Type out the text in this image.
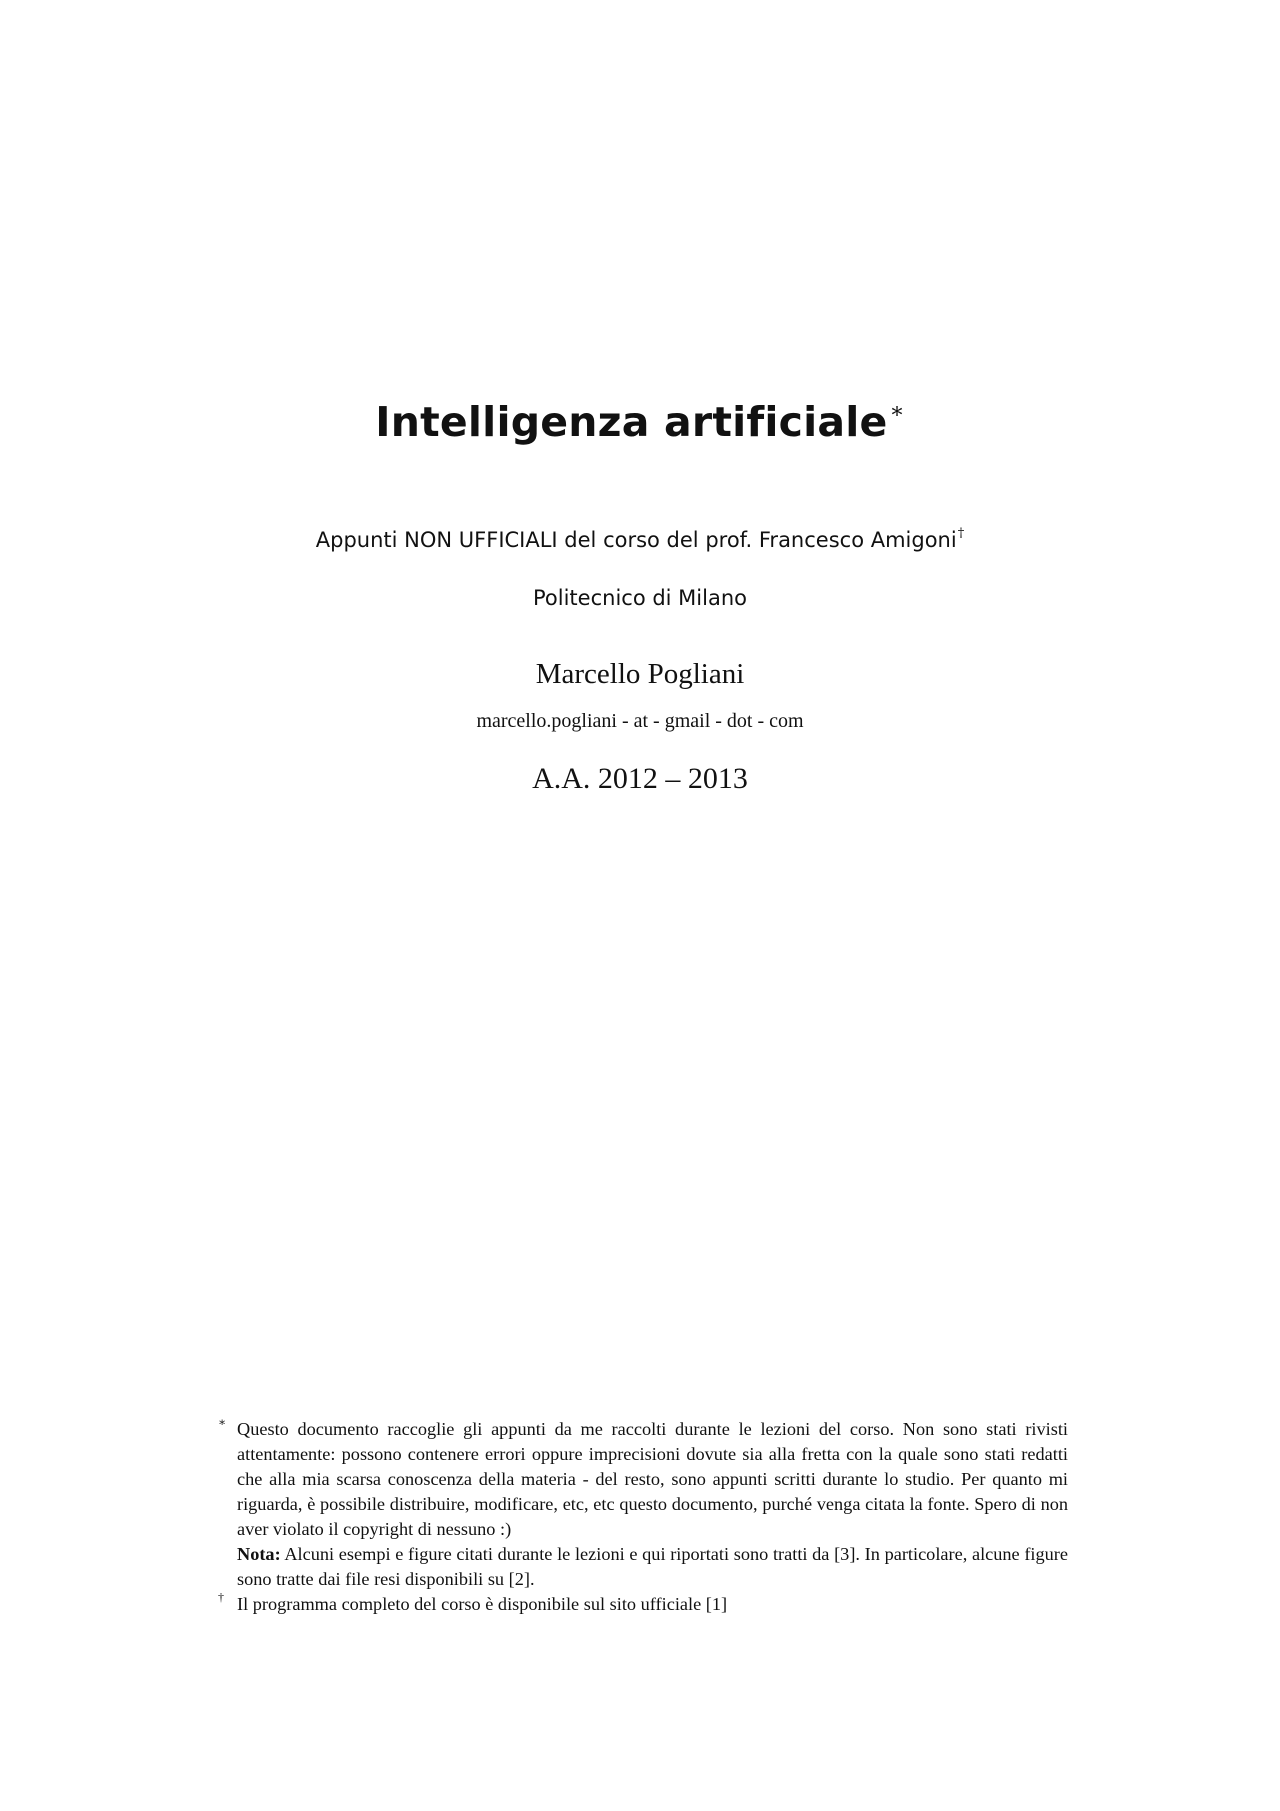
Intelligenza artificiale∗
Appunti NON UFFICIALI del corso del prof. Francesco Amigoni†
Politecnico di Milano
Marcello Pogliani
marcello.pogliani - at - gmail - dot - com
A.A. 2012 – 2013
∗ Questo documento raccoglie gli appunti da me raccolti durante le lezioni del corso. Non sono stati rivisti attentamente: possono contenere errori oppure imprecisioni dovute sia alla fretta con la quale sono stati redatti che alla mia scarsa conoscenza della materia - del resto, sono appunti scritti durante lo studio. Per quanto mi riguarda, è possibile distribuire, modificare, etc, etc questo documento, purché venga citata la fonte. Spero di non aver violato il copyright di nessuno :)
Nota: Alcuni esempi e figure citati durante le lezioni e qui riportati sono tratti da [3]. In particolare, alcune figure sono tratte dai file resi disponibili su [2].
† Il programma completo del corso è disponibile sul sito ufficiale [1]
